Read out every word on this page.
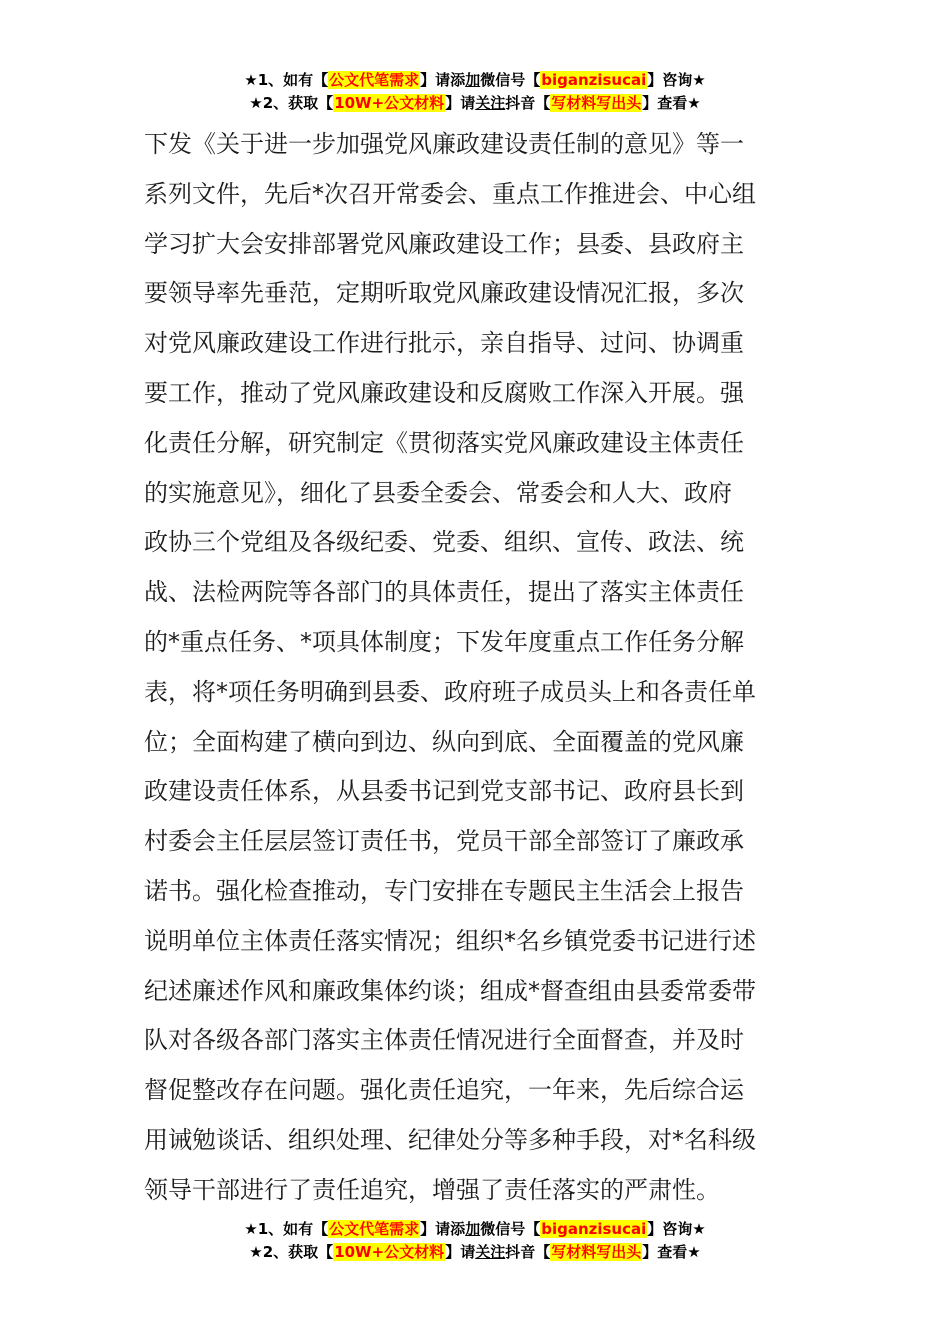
★1、如有【公文代笔需求】请添加微信号【biganzisucai】咨询★
★2、获取【10W+公文材料】请关注抖音【写材料写出头】查看★
下发《关于进一步加强党风廉政建设责任制的意见》等一
系列文件，先后*次召开常委会、重点工作推进会、中心组
学习扩大会安排部署党风廉政建设工作；县委、县政府主
要领导率先垂范，定期听取党风廉政建设情况汇报，多次
对党风廉政建设工作进行批示，亲自指导、过问、协调重
要工作，推动了党风廉政建设和反腐败工作深入开展。强
化责任分解，研究制定《贯彻落实党风廉政建设主体责任
的实施意见》，细化了县委全委会、常委会和人大、政府
政协三个党组及各级纪委、党委、组织、宣传、政法、统
战、法检两院等各部门的具体责任，提出了落实主体责任
的*重点任务、*项具体制度；下发年度重点工作任务分解
表，将*项任务明确到县委、政府班子成员头上和各责任单
位；全面构建了横向到边、纵向到底、全面覆盖的党风廉
政建设责任体系，从县委书记到党支部书记、政府县长到
村委会主任层层签订责任书，党员干部全部签订了廉政承
诺书。强化检查推动，专门安排在专题民主生活会上报告
说明单位主体责任落实情况；组织*名乡镇党委书记进行述
纪述廉述作风和廉政集体约谈；组成*督查组由县委常委带
队对各级各部门落实主体责任情况进行全面督查，并及时
督促整改存在问题。强化责任追究，一年来，先后综合运
用诫勉谈话、组织处理、纪律处分等多种手段，对*名科级
领导干部进行了责任追究，增强了责任落实的严肃性。
★1、如有【公文代笔需求】请添加微信号【biganzisucai】咨询★
★2、获取【10W+公文材料】请关注抖音【写材料写出头】查看★
